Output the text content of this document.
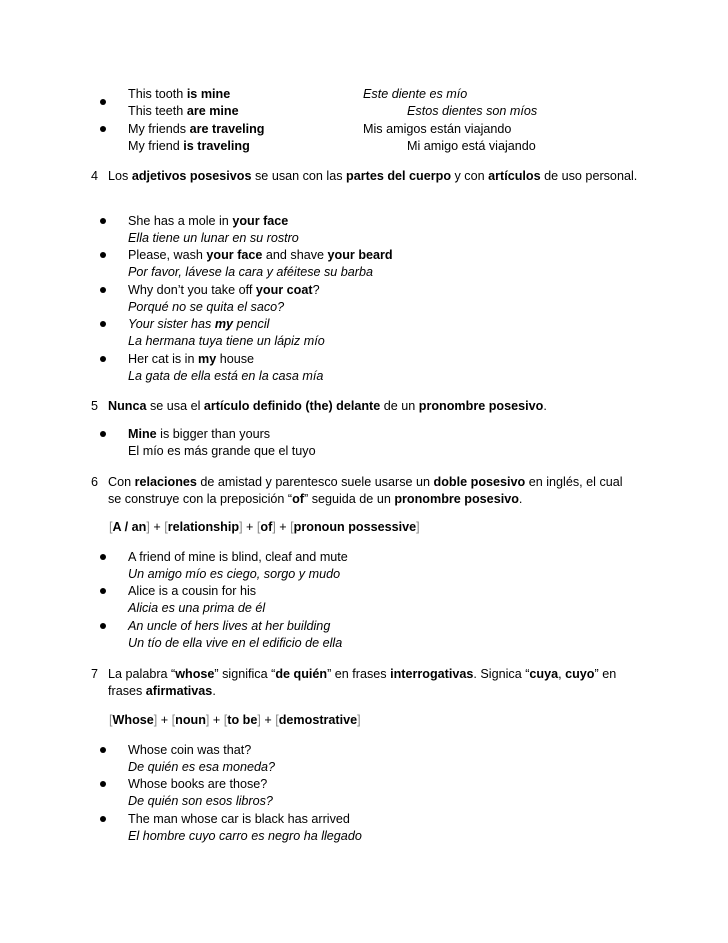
This tooth is mine	Este diente es mío
This teeth are mine	Estos dientes son míos
My friends are traveling	Mis amigos están viajando
My friend is traveling	Mi amigo está viajando
4 Los adjetivos posesivos se usan con las partes del cuerpo y con artículos de uso personal.
She has a mole in your face
Ella tiene un lunar en su rostro
Please, wash your face and shave your beard
Por favor, lávese la cara y aféitese su barba
Why don’t you take off your coat?
Porqué no se quita el saco?
Your sister has my pencil
La hermana tuya tiene un lápiz mío
Her cat is in my house
La gata de ella está en la casa mía
5 Nunca se usa el artículo definido (the) delante de un pronombre posesivo.
Mine is bigger than yours
El mío es más grande que el tuyo
6 Con relaciones de amistad y parentesco suele usarse un doble posesivo en inglés, el cual se construye con la preposición “of” seguida de un pronombre posesivo.
[A / an] + [relationship] + [of] + [pronoun possessive]
A friend of mine is blind, cleaf and mute
Un amigo mío es ciego, sorgo y mudo
Alice is a cousin for his
Alicia es una prima de él
An uncle of hers lives at her building
Un tío de ella vive en el edificio de ella
7 La palabra “whose” significa “de quién” en frases interrogativas. Signica “cuya, cuyo” en frases afirmativas.
[Whose] + [noun] + [to be] + [demostrative]
Whose coin was that?
De quién es esa moneda?
Whose books are those?
De quién son esos libros?
The man whose car is black has arrived
El hombre cuyo carro es negro ha llegado
